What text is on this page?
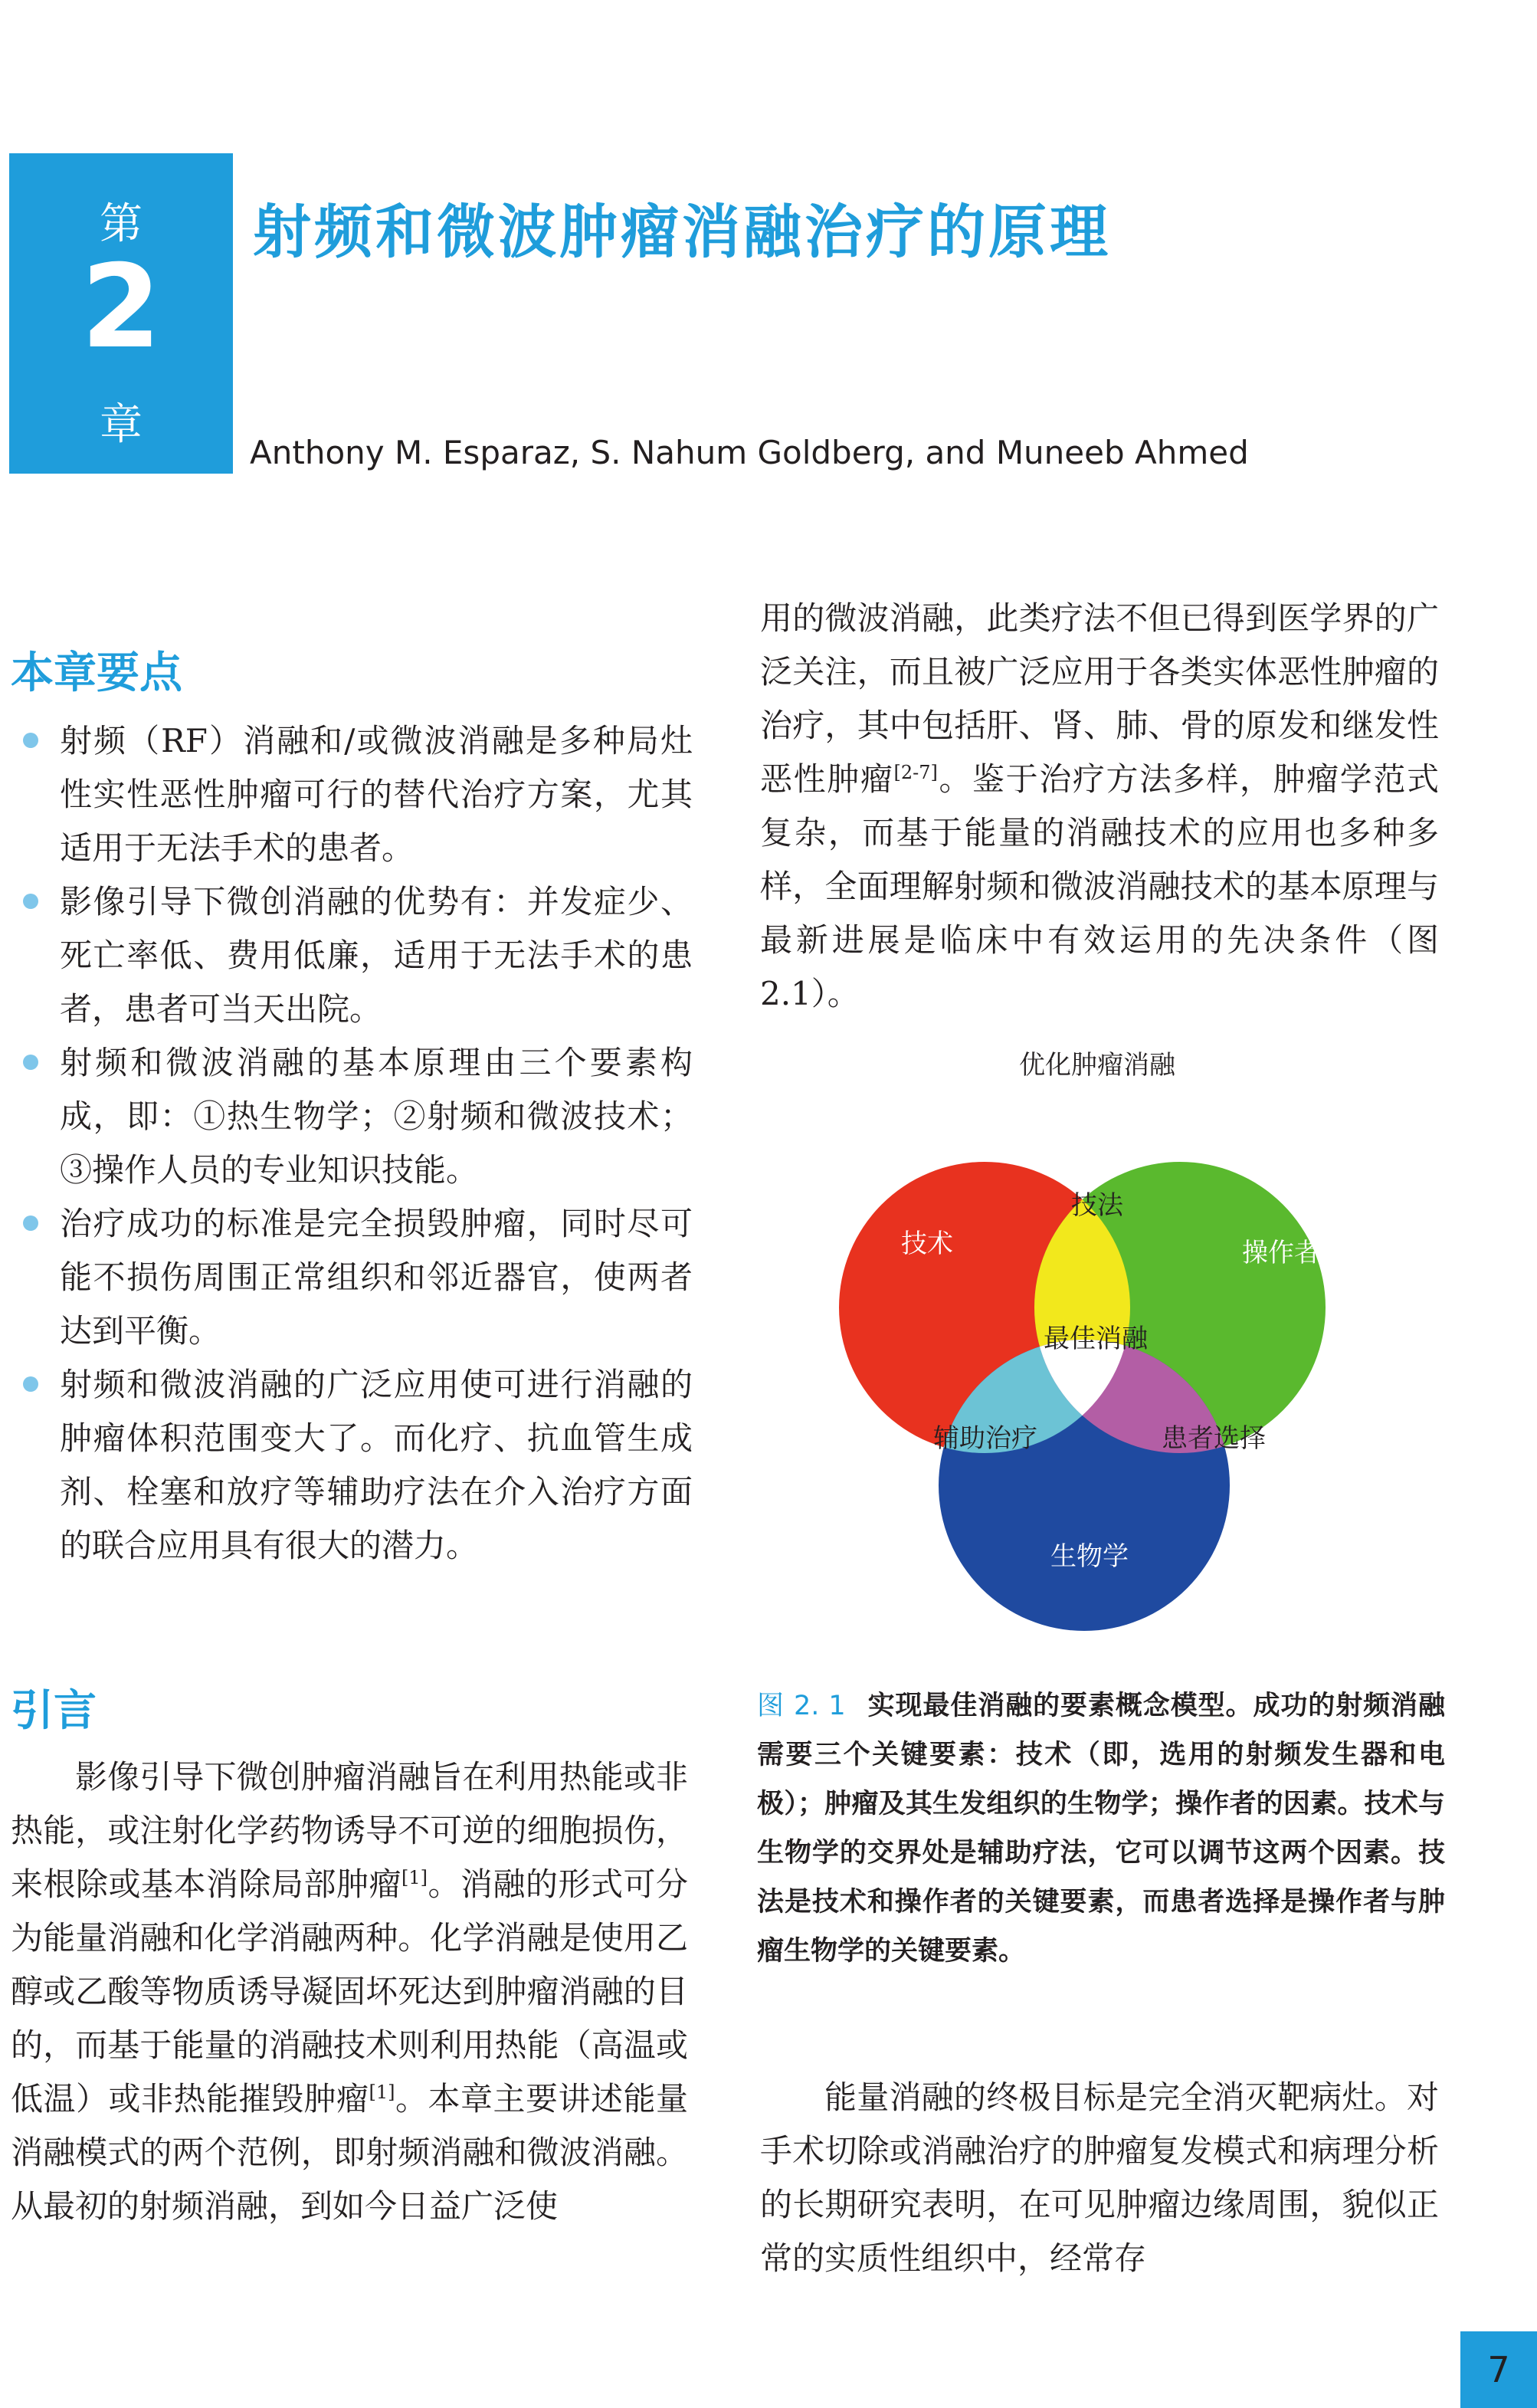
第
2
章
射频和微波肿瘤消融治疗的原理
Anthony M. Esparaz, S. Nahum Goldberg, and Muneeb Ahmed
本章要点
射频（RF）消融和/或微波消融是多种局灶性实性恶性肿瘤可行的替代治疗方案，尤其适用于无法手术的患者。
影像引导下微创消融的优势有：并发症少、死亡率低、费用低廉，适用于无法手术的患者，患者可当天出院。
射频和微波消融的基本原理由三个要素构成，即：①热生物学；②射频和微波技术；③操作人员的专业知识技能。
治疗成功的标准是完全损毁肿瘤，同时尽可能不损伤周围正常组织和邻近器官，使两者达到平衡。
射频和微波消融的广泛应用使可进行消融的肿瘤体积范围变大了。而化疗、抗血管生成剂、栓塞和放疗等辅助疗法在介入治疗方面的联合应用具有很大的潜力。
引言

影像引导下微创肿瘤消融旨在利用热能或非热能，或注射化学药物诱导不可逆的细胞损伤，来根除或基本消除局部肿瘤[1]。消融的形式可分为能量消融和化学消融两种。化学消融是使用乙醇或乙酸等物质诱导凝固坏死达到肿瘤消融的目的，而基于能量的消融技术则利用热能（高温或低温）或非热能摧毁肿瘤[1]。本章主要讲述能量消融模式的两个范例，即射频消融和微波消融。从最初的射频消融，到如今日益广泛使

用的微波消融，此类疗法不但已得到医学界的广泛关注，而且被广泛应用于各类实体恶性肿瘤的治疗，其中包括肝、肾、肺、骨的原发和继发性恶性肿瘤[2-7]。鉴于治疗方法多样，肿瘤学范式复杂，而基于能量的消融技术的应用也多种多样，全面理解射频和微波消融技术的基本原理与最新进展是临床中有效运用的先决条件（图 2.1）。

优化肿瘤消融
技术	操作者
生物学
技法
辅助治疗	患者选择
最佳消融

图 2. 1 实现最佳消融的要素概念模型。成功的射频消融需要三个关键要素：技术（即，选用的射频发生器和电极）；肿瘤及其生发组织的生物学；操作者的因素。技术与生物学的交界处是辅助疗法，它可以调节这两个因素。技法是技术和操作者的关键要素，而患者选择是操作者与肿瘤生物学的关键要素。

能量消融的终极目标是完全消灭靶病灶。对手术切除或消融治疗的肿瘤复发模式和病理分析的长期研究表明，在可见肿瘤边缘周围，貌似正常的实质性组织中，经常存

7
